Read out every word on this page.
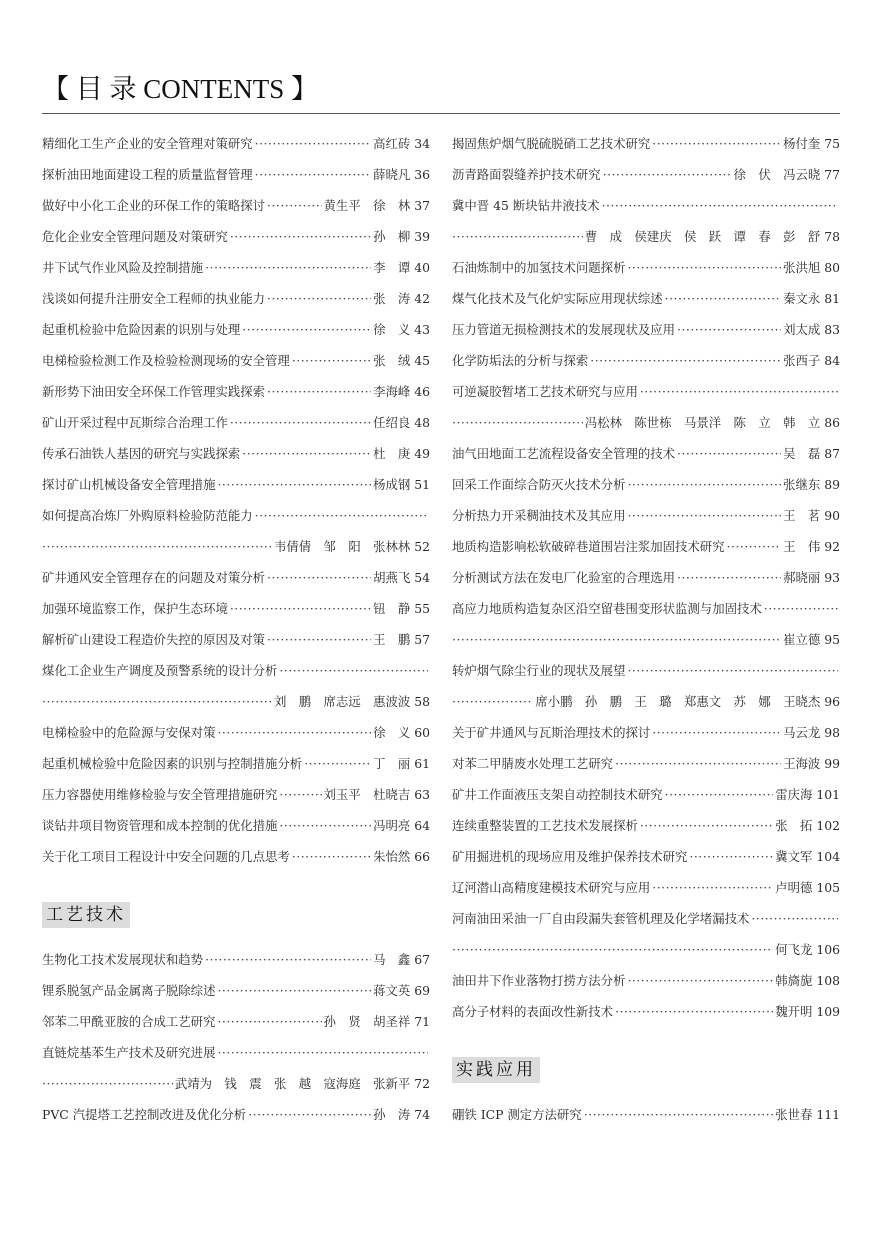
【 目 录 CONTENTS 】
精细化工生产企业的安全管理对策研究 ·····	高红砖 34
探析油田地面建设工程的质量监督管理 ·····	薛晓凡 36
做好中小化工企业的环保工作的策略探讨 ·····	黄生平　徐　林 37
危化企业安全管理问题及对策研究 ·····	孙　柳 39
井下试气作业风险及控制措施 ·····	李　谭 40
浅谈如何提升注册安全工程师的执业能力 ·····	张　涛 42
起重机检验中危险因素的识别与处理 ·····	徐　义 43
电梯检验检测工作及检验检测现场的安全管理 ·····	张　绒 45
新形势下油田安全环保工作管理实践探索 ·····	李海峰 46
矿山开采过程中瓦斯综合治理工作 ·····	任绍良 48
传承石油铁人基因的研究与实践探索 ·····	杜　庚 49
探讨矿山机械设备安全管理措施 ·····	杨成钢 51
如何提高冶炼厂外购原料检验防范能力
·····
·····
韦倩倩　邹　阳　张林林 52
矿井通风安全管理存在的问题及对策分析 ·····	胡燕飞 54
加强环境监察工作，保护生态环境 ·····	钮　静 55
解析矿山建设工程造价失控的原因及对策 ·····	王　鹏 57
煤化工企业生产调度及预警系统的设计分析
·····
·····
刘　鹏　席志远　惠波波 58
电梯检验中的危险源与安保对策 ·····	徐　义 60
起重机械检验中危险因素的识别与控制措施分析 ·····	丁　丽 61
压力容器使用维修检验与安全管理措施研究 ·····	刘玉平　杜晓吉 63
谈钻井项目物资管理和成本控制的优化措施 ·····	冯明亮 64
关于化工项目工程设计中安全问题的几点思考 ·····	朱怡然 66
工艺技术
生物化工技术发展现状和趋势 ·····	马　鑫 67
锂系脱氢产品金属离子脱除综述 ·····	蒋文英 69
邻苯二甲酰亚胺的合成工艺研究 ·····	孙　贤　胡圣祥 71
直链烷基苯生产技术及研究进展
·····
·····
武靖为　钱　震　张　越　寇海庭　张新平 72
PVC 汽提塔工艺控制改进及优化分析 ·····	孙　涛 74
揭固焦炉烟气脱硫脱硝工艺技术研究 ·····	杨付奎 75
沥青路面裂缝养护技术研究 ·····	徐　伏　冯云晓 77
冀中晋 45 断块钻井液技术
·····
·····
曹　成　侯建庆　侯　跃　谭　春　彭　舒 78
石油炼制中的加氢技术问题探析 ·····	张洪旭 80
煤气化技术及气化炉实际应用现状综述 ·····	秦文永 81
压力管道无损检测技术的发展现状及应用 ·····	刘太成 83
化学防垢法的分析与探索 ·····	张西子 84
可逆凝胶暂堵工艺技术研究与应用
·····
·····
冯松林　陈世栋　马景洋　陈　立　韩　立 86
油气田地面工艺流程设备安全管理的技术 ·····	吴　磊 87
回采工作面综合防灭火技术分析 ·····	张继东 89
分析热力开采稠油技术及其应用 ·····	王　茗 90
地质构造影响松软破碎巷道围岩注浆加固技术研究 ·····	王　伟 92
分析测试方法在发电厂化验室的合理选用 ·····	郝晓丽 93
高应力地质构造复杂区沿空留巷围变形状监测与加固技术
·····
·····
崔立德 95
转炉烟气除尘行业的现状及展望
·····
·····
席小鹏　孙　鹏　王　璐　郑惠文　苏　娜　王晓杰 96
关于矿井通风与瓦斯治理技术的探讨 ·····	马云龙 98
对苯二甲腈废水处理工艺研究 ·····	王海波 99
矿井工作面液压支架自动控制技术研究 ·····	雷庆海 101
连续重整装置的工艺技术发展探析 ·····	张　拓 102
矿用掘进机的现场应用及维护保养技术研究 ·····	冀文军 104
辽河潜山高精度建模技术研究与应用 ·····	卢明德 105
河南油田采油一厂自由段漏失套管机理及化学堵漏技术
·····
·····
何飞龙 106
油田井下作业落物打捞方法分析 ·····	韩旖旎 108
高分子材料的表面改性新技术 ·····	魏开明 109
实践应用
硼铁 ICP 测定方法研究 ·····	张世春 111
